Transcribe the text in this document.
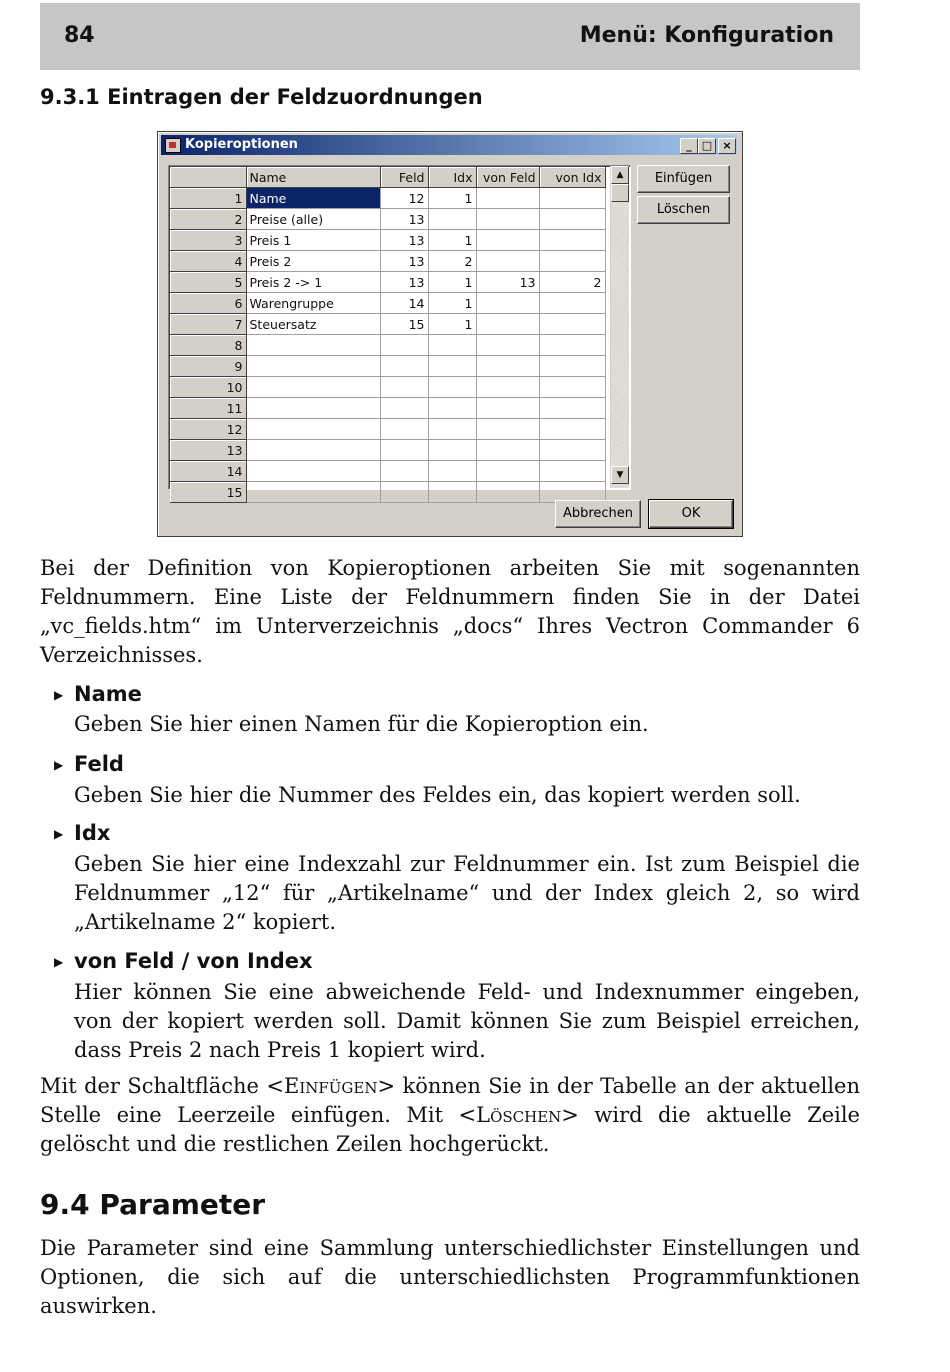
84	Menü: Konfiguration
9.3.1 Eintragen der Feldzuordnungen
Kopieroptionen	_ □ ×
	Name	Feld	Idx	von Feld	von Idx
1	Name	12	1		
2	Preise (alle)	13			
3	Preis 1	13	1		
4	Preis 2	13	2		
5	Preis 2 -> 1	13	1	13	2
6	Warengruppe	14	1		
7	Steuersatz	15	1		
8					
9					
10					
11					
12					
13					
14					
15					
▲
▼
Einfügen
Löschen
Abbrechen	OK
Bei der Definition von Kopieroptionen arbeiten Sie mit sogenannten Feldnummern. Eine Liste der Feldnummern finden Sie in der Datei „vc_fields.htm“ im Unterverzeichnis „docs“ Ihres Vectron Commander 6 Verzeichnisses.
▶ Name
Geben Sie hier einen Namen für die Kopieroption ein.
▶ Feld
Geben Sie hier die Nummer des Feldes ein, das kopiert werden soll.
▶ Idx
Geben Sie hier eine Indexzahl zur Feldnummer ein. Ist zum Beispiel die Feldnummer „12“ für „Artikelname“ und der Index gleich 2, so wird „Artikelname 2“ kopiert.
▶ von Feld / von Index
Hier können Sie eine abweichende Feld- und Indexnummer eingeben, von der kopiert werden soll. Damit können Sie zum Beispiel erreichen, dass Preis 2 nach Preis 1 kopiert wird.
Mit der Schaltfläche <Einfügen> können Sie in der Tabelle an der aktuellen Stelle eine Leerzeile einfügen. Mit <Löschen> wird die aktuelle Zeile gelöscht und die restlichen Zeilen hochgerückt.
9.4 Parameter
Die Parameter sind eine Sammlung unterschiedlichster Einstellungen und Optionen, die sich auf die unterschiedlichsten Programmfunktionen auswirken.
